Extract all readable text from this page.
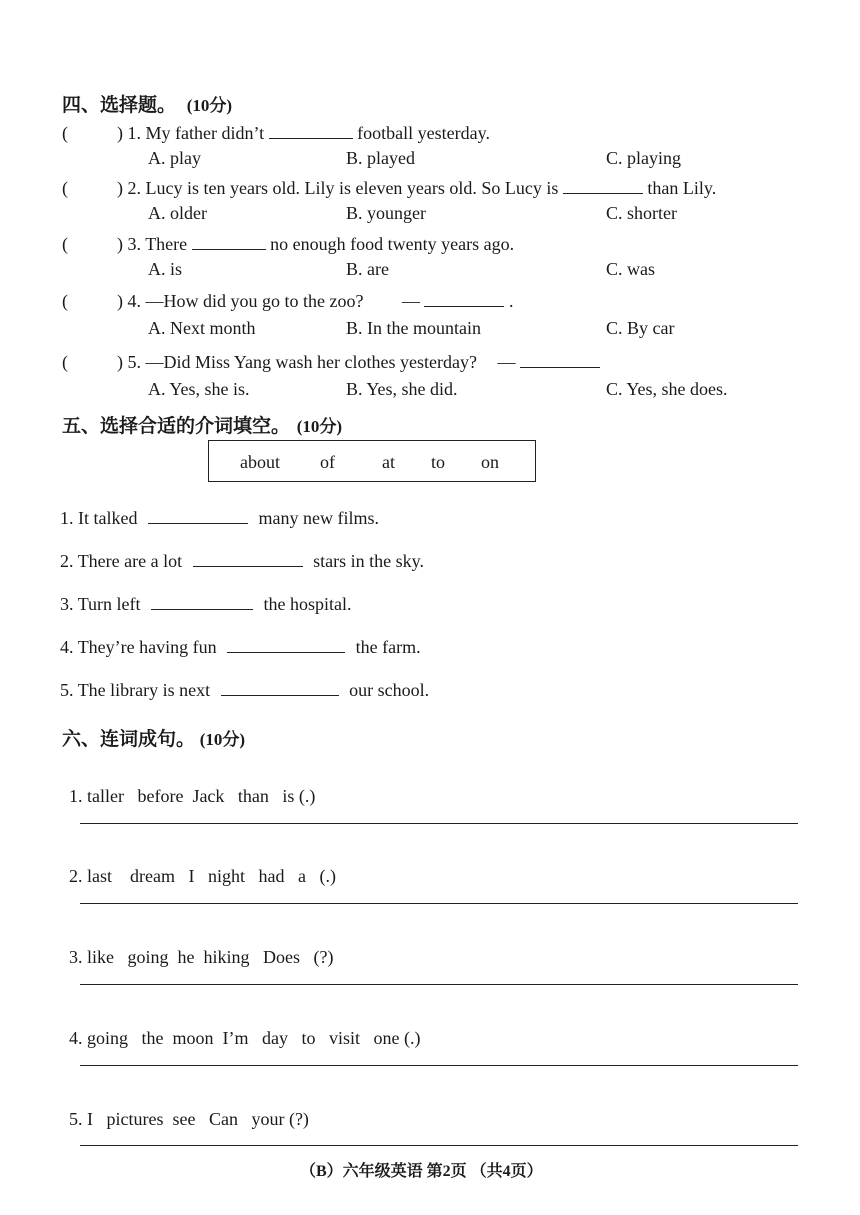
四、选择题。 (10分)
(	) 1. My father didn’t	football yesterday.
A. play	B. played	C. playing
(	) 2. Lucy is ten years old. Lily is eleven years old. So Lucy is	than Lily.
A. older	B. younger	C. shorter
(	) 3. There	no enough food twenty years ago.
A. is	B. are	C. was
(	) 4. —How did you go to the zoo? —	.
A. Next month	B. In the mountain	C. By car
(	) 5. —Did Miss Yang wash her clothes yesterday? —
A. Yes, she is.	B. Yes, she did.	C. Yes, she does.
五、选择合适的介词填空。 (10分)
about of	at to on
1. It talked	many new films.
2. There are a lot	stars in the sky.
3. Turn left	the hospital.
4. They’re having fun	the farm.
5. The library is next	our school.
六、连词成句。 (10分)

1. taller   before  Jack   than   is (.)

2. last    dream   I   night   had   a   (.)

3. like   going  he  hiking   Does   (?)

4. going   the  moon  I’m   day   to   visit   one (.)

5. I   pictures  see   Can   your (?)

（B）六年级英语 第2页 （共4页）
